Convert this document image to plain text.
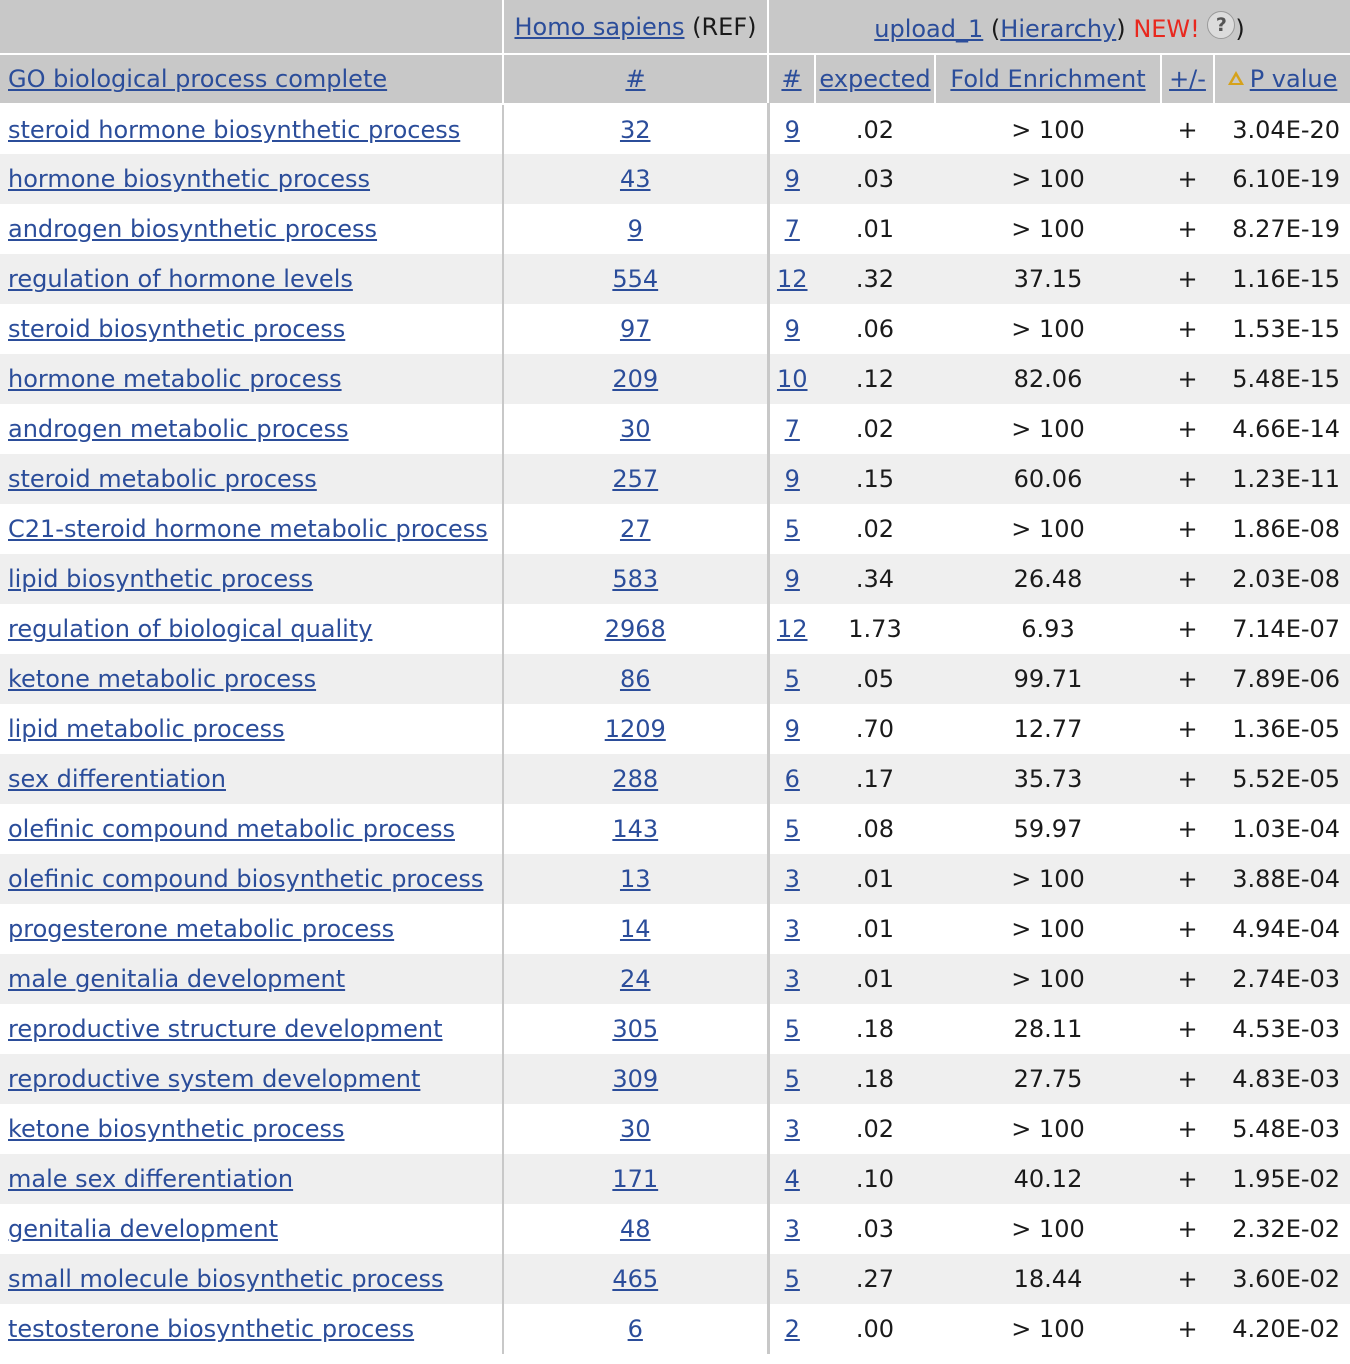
	Homo sapiens (REF)	upload_1 (Hierarchy) NEW! ? )				
GO biological process complete	#	#	expected	Fold Enrichment	+/-	P value
steroid hormone biosynthetic process	32	9	.02	> 100	+	3.04E-20
hormone biosynthetic process	43	9	.03	> 100	+	6.10E-19
androgen biosynthetic process	9	7	.01	> 100	+	8.27E-19
regulation of hormone levels	554	12	.32	37.15	+	1.16E-15
steroid biosynthetic process	97	9	.06	> 100	+	1.53E-15
hormone metabolic process	209	10	.12	82.06	+	5.48E-15
androgen metabolic process	30	7	.02	> 100	+	4.66E-14
steroid metabolic process	257	9	.15	60.06	+	1.23E-11
C21-steroid hormone metabolic process	27	5	.02	> 100	+	1.86E-08
lipid biosynthetic process	583	9	.34	26.48	+	2.03E-08
regulation of biological quality	2968	12	1.73	6.93	+	7.14E-07
ketone metabolic process	86	5	.05	99.71	+	7.89E-06
lipid metabolic process	1209	9	.70	12.77	+	1.36E-05
sex differentiation	288	6	.17	35.73	+	5.52E-05
olefinic compound metabolic process	143	5	.08	59.97	+	1.03E-04
olefinic compound biosynthetic process	13	3	.01	> 100	+	3.88E-04
progesterone metabolic process	14	3	.01	> 100	+	4.94E-04
male genitalia development	24	3	.01	> 100	+	2.74E-03
reproductive structure development	305	5	.18	28.11	+	4.53E-03
reproductive system development	309	5	.18	27.75	+	4.83E-03
ketone biosynthetic process	30	3	.02	> 100	+	5.48E-03
male sex differentiation	171	4	.10	40.12	+	1.95E-02
genitalia development	48	3	.03	> 100	+	2.32E-02
small molecule biosynthetic process	465	5	.27	18.44	+	3.60E-02
testosterone biosynthetic process	6	2	.00	> 100	+	4.20E-02
